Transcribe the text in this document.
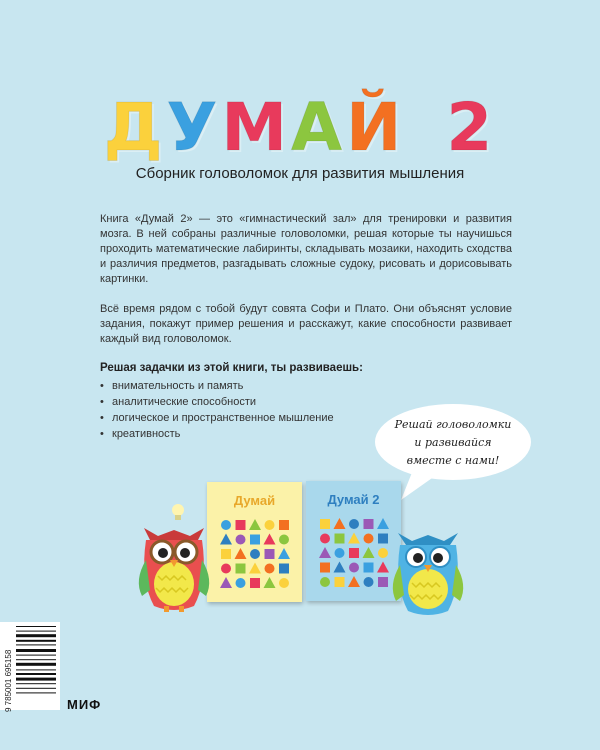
ДУМАЙ 2
Сборник головоломок для развития мышления
Книга «Думай 2» — это «гимнастический зал» для тренировки и развития мозга. В ней собраны различные головоломки, решая которые ты научишься проходить математические лабиринты, складывать мозаики, находить сходства и различия предметов, разгадывать сложные судоку, рисовать и дорисовывать картинки.
Всё время рядом с тобой будут совята Софи и Плато. Они объяснят условие задания, покажут пример решения и расскажут, какие способности развивает каждый вид головоломок.
Решая задачки из этой книги, ты развиваешь:
• внимательность и память
• аналитические способности
• логическое и пространственное мышление
• креативность
Решай головоломки
и развивайся
вместе с нами!
Думай	Думай 2
9 785001 695158	МИФ
